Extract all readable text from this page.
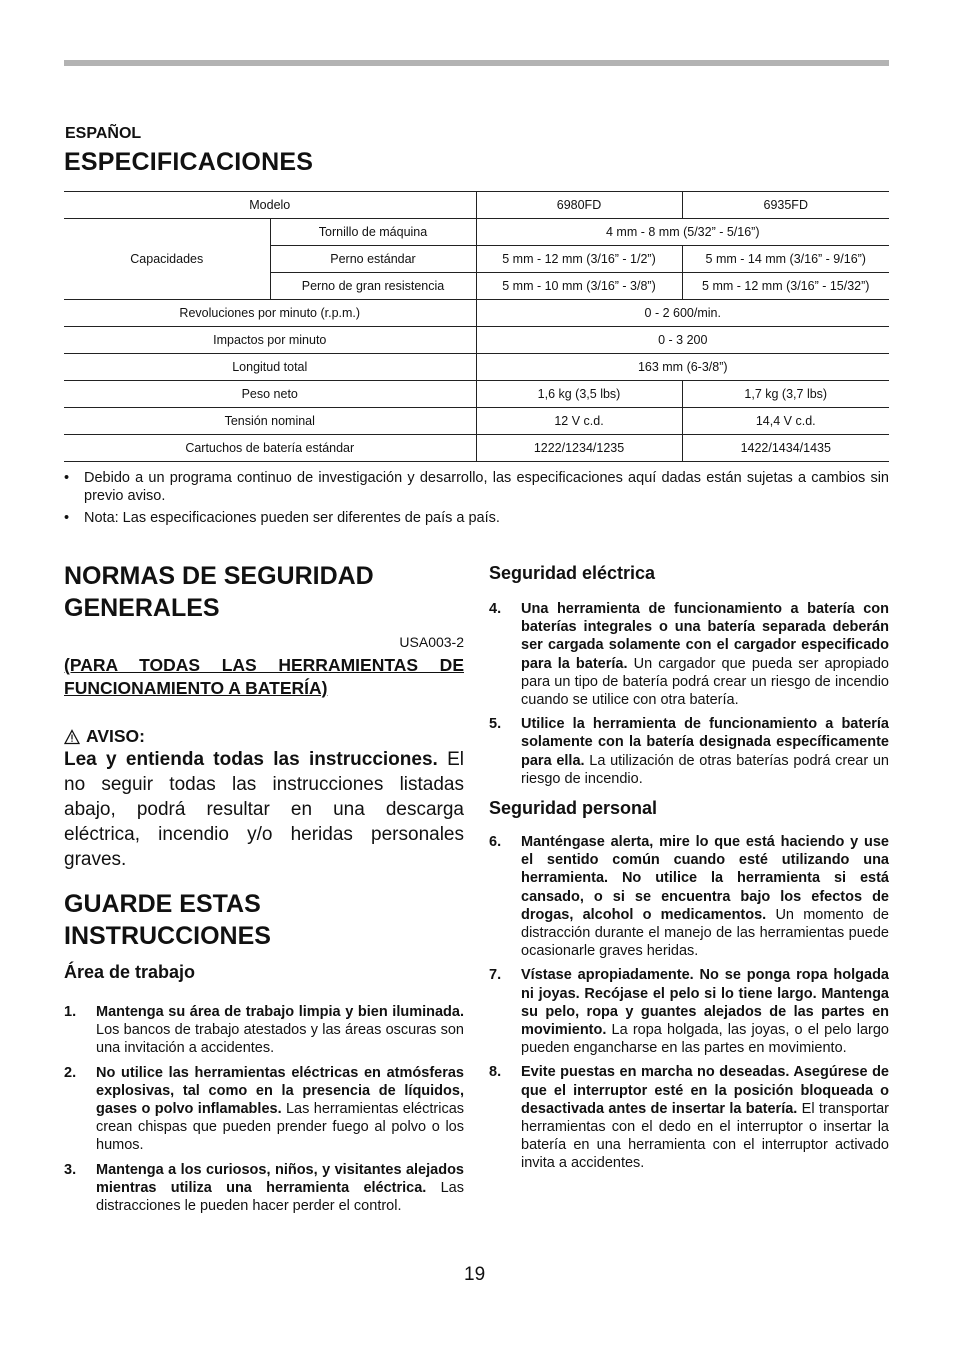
ESPAÑOL
ESPECIFICACIONES
Modelo		6980FD	6935FD
Capacidades	Tornillo de máquina	4 mm - 8 mm (5/32” - 5/16”)	
	Perno estándar	5 mm - 12 mm (3/16” - 1/2”)	5 mm - 14 mm (3/16” - 9/16”)
	Perno de gran resistencia	5 mm - 10 mm (3/16” - 3/8”)	5 mm - 12 mm (3/16” - 15/32”)
Revoluciones por minuto (r.p.m.)		0 - 2 600/min.	
Impactos por minuto		0 - 3 200	
Longitud total		163 mm (6-3/8”)	
Peso neto		1,6 kg (3,5 lbs)	1,7 kg (3,7 lbs)
Tensión nominal		12 V c.d.	14,4 V c.d.
Cartuchos de batería estándar		1222/1234/1235	1422/1434/1435
• Debido a un programa continuo de investigación y desarrollo, las especificaciones aquí dadas están sujetas a cambios sin previo aviso.
• Nota: Las especificaciones pueden ser diferentes de país a país.
NORMAS DE SEGURIDAD GENERALES
USA003-2
(PARA TODAS LAS HERRAMIENTAS DE FUNCIONAMIENTO A BATERÍA)
AVISO:
Lea y entienda todas las instrucciones. El no seguir todas las instrucciones listadas abajo, podrá resultar en una descarga eléctrica, incendio y/o heridas personales graves.
GUARDE ESTAS INSTRUCCIONES
Área de trabajo
1. Mantenga su área de trabajo limpia y bien iluminada. Los bancos de trabajo atestados y las áreas oscuras son una invitación a accidentes.
2. No utilice las herramientas eléctricas en atmósferas explosivas, tal como en la presencia de líquidos, gases o polvo inflamables. Las herramientas eléctricas crean chispas que pueden prender fuego al polvo o los humos.
3. Mantenga a los curiosos, niños, y visitantes alejados mientras utiliza una herramienta eléctrica. Las distracciones le pueden hacer perder el control.
Seguridad eléctrica
4. Una herramienta de funcionamiento a batería con baterías integrales o una batería separada deberán ser cargada solamente con el cargador especificado para la batería. Un cargador que pueda ser apropiado para un tipo de batería podrá crear un riesgo de incendio cuando se utilice con otra batería.
5. Utilice la herramienta de funcionamiento a batería solamente con la batería designada específicamente para ella. La utilización de otras baterías podrá crear un riesgo de incendio.
Seguridad personal
6. Manténgase alerta, mire lo que está haciendo y use el sentido común cuando esté utilizando una herramienta. No utilice la herramienta si está cansado, o si se encuentra bajo los efectos de drogas, alcohol o medicamentos. Un momento de distracción durante el manejo de las herramientas puede ocasionarle graves heridas.
7. Vístase apropiadamente. No se ponga ropa holgada ni joyas. Recójase el pelo si lo tiene largo. Mantenga su pelo, ropa y guantes alejados de las partes en movimiento. La ropa holgada, las joyas, o el pelo largo pueden engancharse en las partes en movimiento.
8. Evite puestas en marcha no deseadas. Asegúrese de que el interruptor esté en la posición bloqueada o desactivada antes de insertar la batería. El transportar herramientas con el dedo en el interruptor o insertar la batería en una herramienta con el interruptor activado invita a accidentes.
19
